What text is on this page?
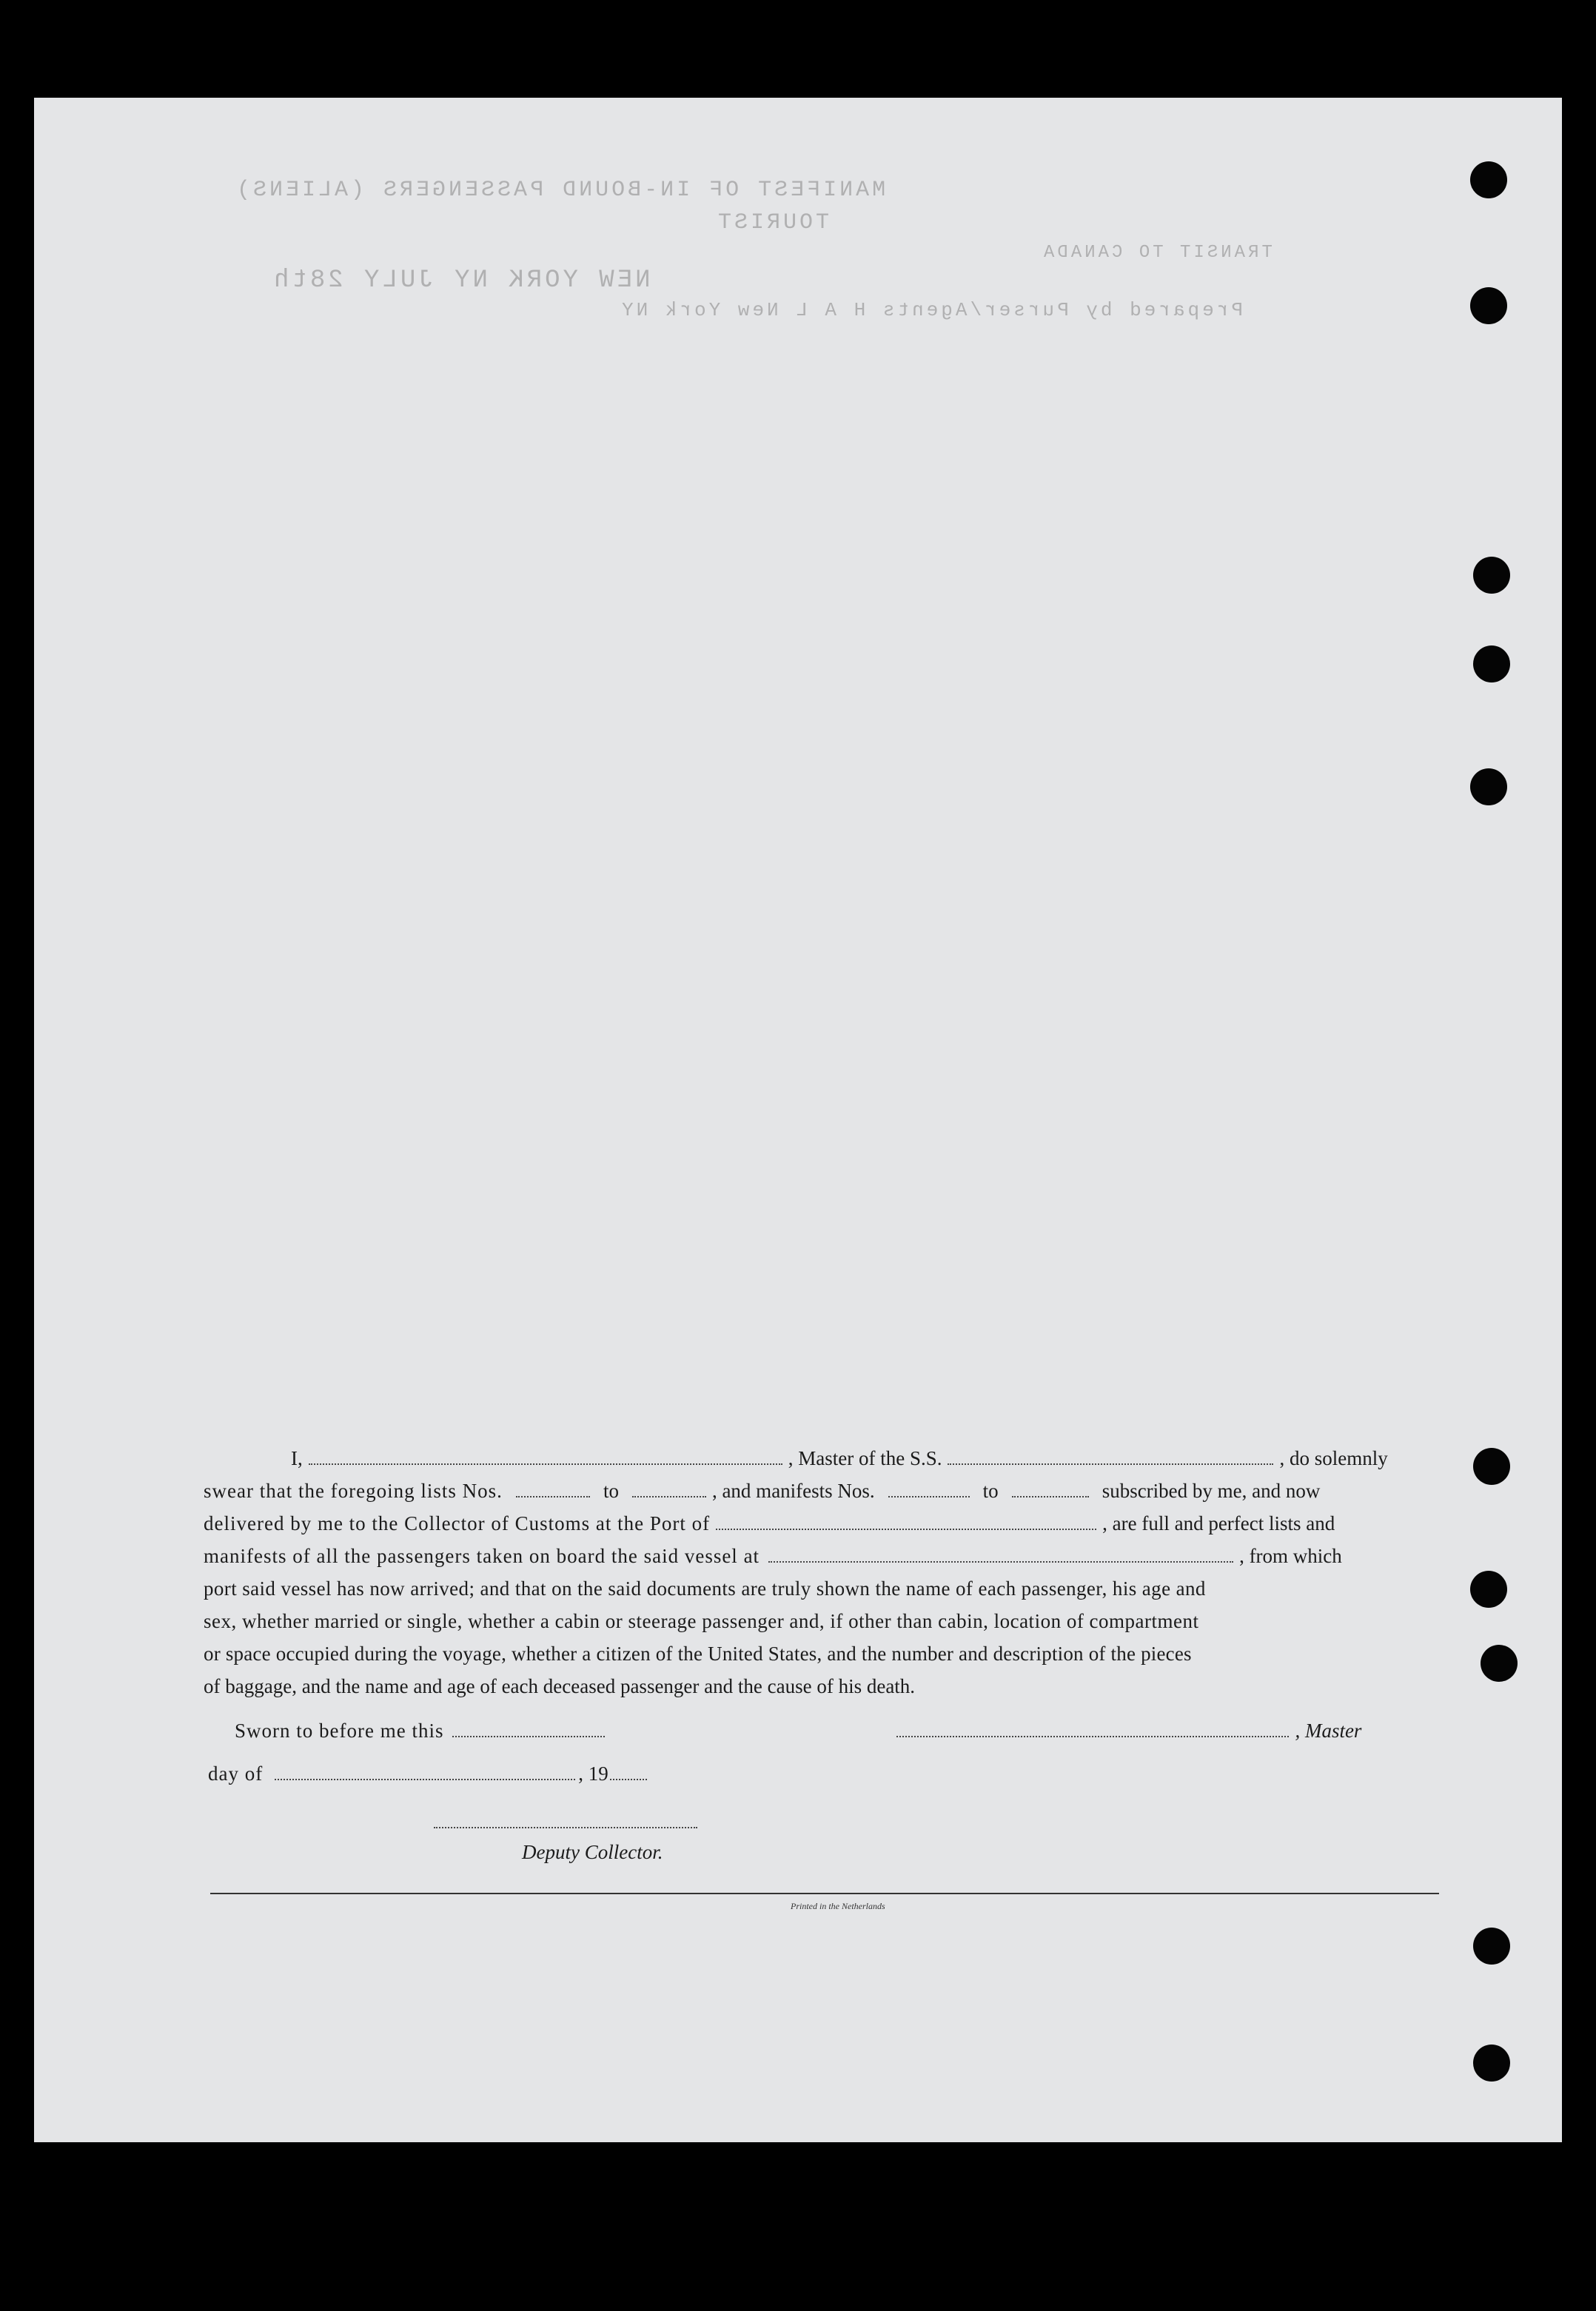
MANIFEST OF IN-BOUND PASSENGERS (ALIENS)
TOURIST
NEW YORK NY JULY 28th
Prepared by Purser/Agents H A L New York NY
TRANSIT TO CANADA
I,	, Master of the S.S.	, do solemnly
swear that the foregoing lists Nos.	to	, and manifests Nos.	to	subscribed by me, and now
delivered by me to the Collector of Customs at the Port of	, are full and perfect lists and
manifests of all the passengers taken on board the said vessel at	, from which
port said vessel has now arrived; and that on the said documents are truly shown the name of each passenger, his age and
sex, whether married or single, whether a cabin or steerage passenger and, if other than cabin, location of compartment
or space occupied during the voyage, whether a citizen of the United States, and the number and description of the pieces
of baggage, and the name and age of each deceased passenger and the cause of his death.
Sworn to before me this	, Master
day of	, 19
Deputy Collector.
Printed in the Netherlands
